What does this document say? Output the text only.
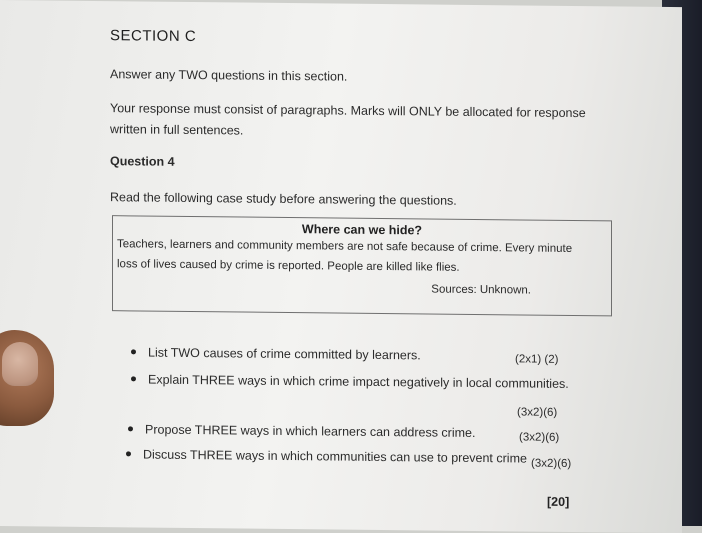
SECTION C
Answer any TWO questions in this section.
Your response must consist of paragraphs. Marks will ONLY be allocated for response
written in full sentences.
Question 4
Read the following case study before answering the questions.
Where can we hide?
Teachers, learners and community members are not safe because of crime. Every minute
loss of lives caused by crime is reported. People are killed like flies.
Sources: Unknown.
List TWO causes of crime committed by learners.	(2x1) (2)
Explain THREE ways in which crime impact negatively in local communities.
(3x2)(6)
Propose THREE ways in which learners can address crime.	(3x2)(6)
Discuss THREE ways in which communities can use to prevent crime (3x2)(6)
[20]
